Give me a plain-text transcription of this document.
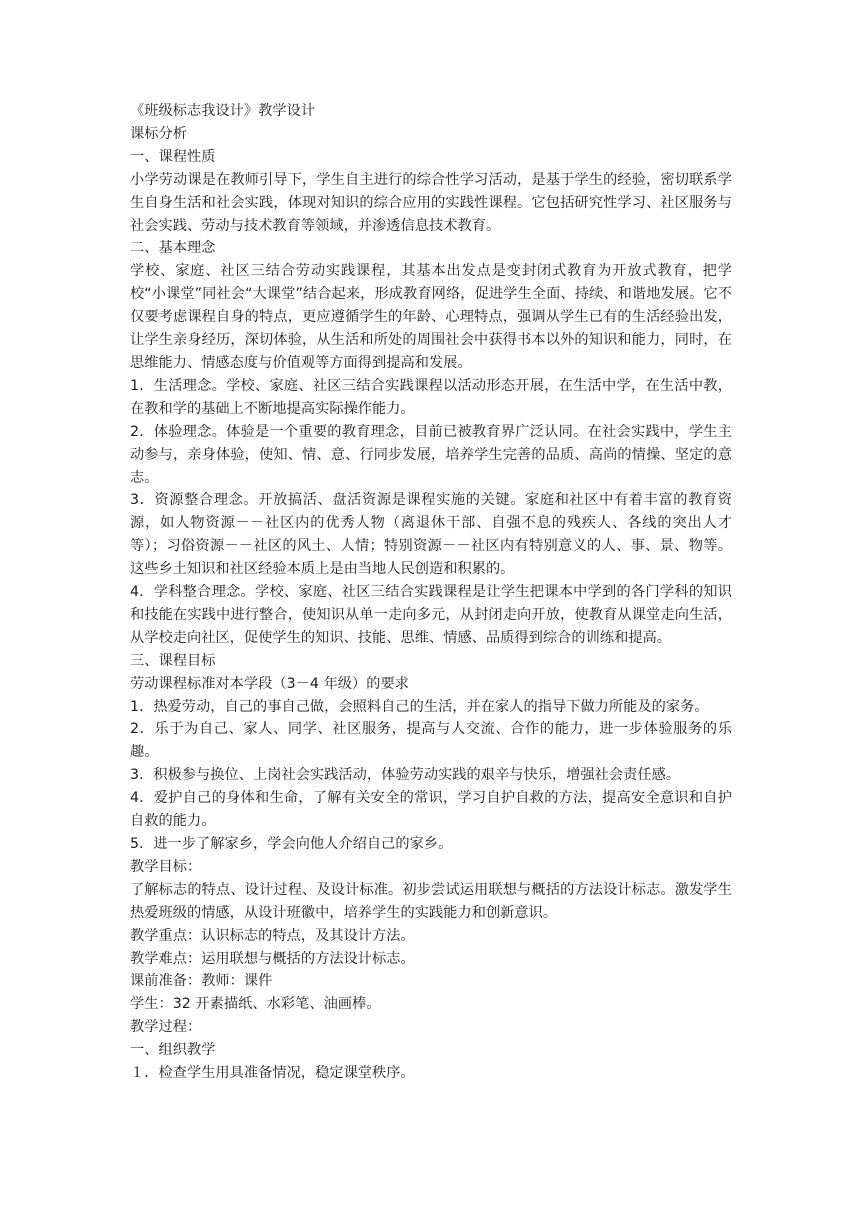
《班级标志我设计》教学设计

课标分析

一、课程性质

小学劳动课是在教师引导下，学生自主进行的综合性学习活动，是基于学生的经验，密切联系学生自身生活和社会实践，体现对知识的综合应用的实践性课程。它包括研究性学习、社区服务与社会实践、劳动与技术教育等领域，并渗透信息技术教育。

二、基本理念

学校、家庭、社区三结合劳动实践课程，其基本出发点是变封闭式教育为开放式教育，把学校“小课堂”同社会“大课堂”结合起来，形成教育网络，促进学生全面、持续、和谐地发展。它不仅要考虑课程自身的特点，更应遵循学生的年龄、心理特点，强调从学生已有的生活经验出发，让学生亲身经历，深切体验，从生活和所处的周围社会中获得书本以外的知识和能力，同时，在思维能力、情感态度与价值观等方面得到提高和发展。

1．生活理念。学校、家庭、社区三结合实践课程以活动形态开展，在生活中学，在生活中教，在教和学的基础上不断地提高实际操作能力。

2．体验理念。体验是一个重要的教育理念，目前已被教育界广泛认同。在社会实践中，学生主动参与，亲身体验，使知、情、意、行同步发展，培养学生完善的品质、高尚的情操、坚定的意志。

3．资源整合理念。开放搞活、盘活资源是课程实施的关键。家庭和社区中有着丰富的教育资源，如人物资源－－社区内的优秀人物（离退休干部、自强不息的残疾人、各线的突出人才等）；习俗资源－－社区的风土、人情；特别资源－－社区内有特别意义的人、事、景、物等。这些乡土知识和社区经验本质上是由当地人民创造和积累的。

4．学科整合理念。学校、家庭、社区三结合实践课程是让学生把课本中学到的各门学科的知识和技能在实践中进行整合，使知识从单一走向多元，从封闭走向开放，使教育从课堂走向生活，从学校走向社区，促使学生的知识、技能、思维、情感、品质得到综合的训练和提高。

三、课程目标

劳动课程标准对本学段（3－4 年级）的要求

1．热爱劳动，自己的事自己做，会照料自己的生活，并在家人的指导下做力所能及的家务。

2．乐于为自己、家人、同学、社区服务，提高与人交流、合作的能力，进一步体验服务的乐趣。

3．积极参与换位、上岗社会实践活动，体验劳动实践的艰辛与快乐，增强社会责任感。

4．爱护自己的身体和生命，了解有关安全的常识，学习自护自救的方法，提高安全意识和自护自救的能力。

5．进一步了解家乡，学会向他人介绍自己的家乡。

教学目标：

了解标志的特点、设计过程、及设计标准。初步尝试运用联想与概括的方法设计标志。激发学生热爱班级的情感，从设计班徽中，培养学生的实践能力和创新意识。

教学重点：认识标志的特点，及其设计方法。

教学难点：运用联想与概括的方法设计标志。

课前准备：教师：课件

学生：32 开素描纸、水彩笔、油画棒。

教学过程：

一、组织教学

１．检查学生用具准备情况，稳定课堂秩序。
